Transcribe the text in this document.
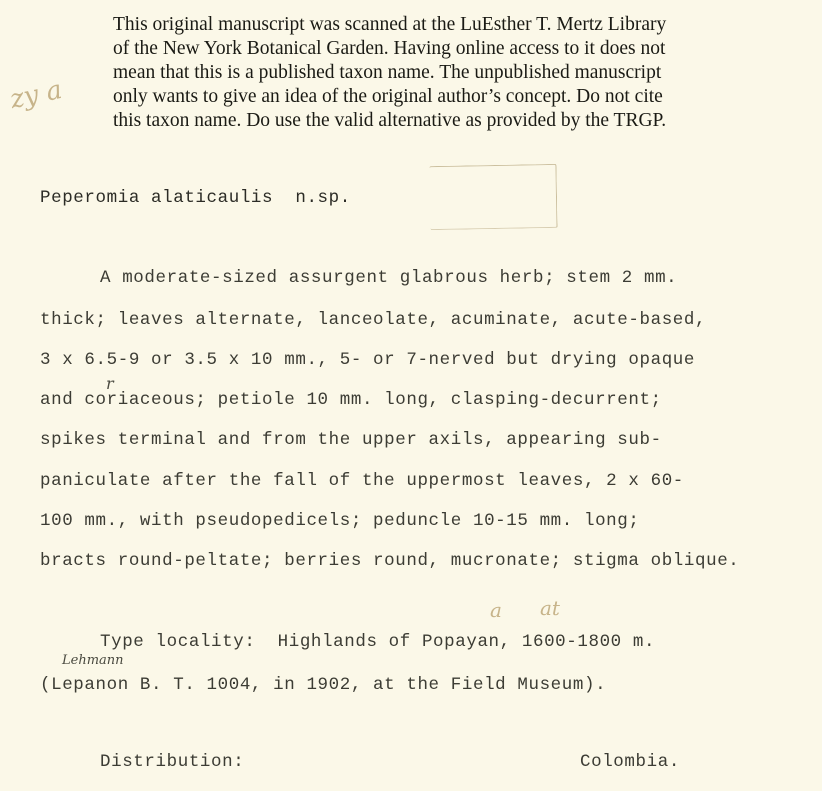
This original manuscript was scanned at the LuEsther T. Mertz Library
of the New York Botanical Garden. Having online access to it does not
mean that this is a published taxon name. The unpublished manuscript
only wants to give an idea of the original author’s concept. Do not cite
this taxon name. Do use the valid alternative as provided by the TRGP.
zy a
Peperomia alaticaulis  n.sp.
A moderate-sized assurgent glabrous herb; stem 2 mm.
thick; leaves alternate, lanceolate, acuminate, acute-based,
3 x 6.5-9 or 3.5 x 10 mm., 5- or 7-nerved but drying opaque
and coriaceous; petiole 10 mm. long, clasping-decurrent;
spikes terminal and from the upper axils, appearing sub-
paniculate after the fall of the uppermost leaves, 2 x 60-
100 mm., with pseudopedicels; peduncle 10-15 mm. long;
bracts round-peltate; berries round, mucronate; stigma oblique.
r
Type locality:  Highlands of Popayan, 1600-1800 m.
(Lepanon B. T. 1004, in 1902, at the Field Museum).
a at
Lehmann
Distribution:	Colombia.
